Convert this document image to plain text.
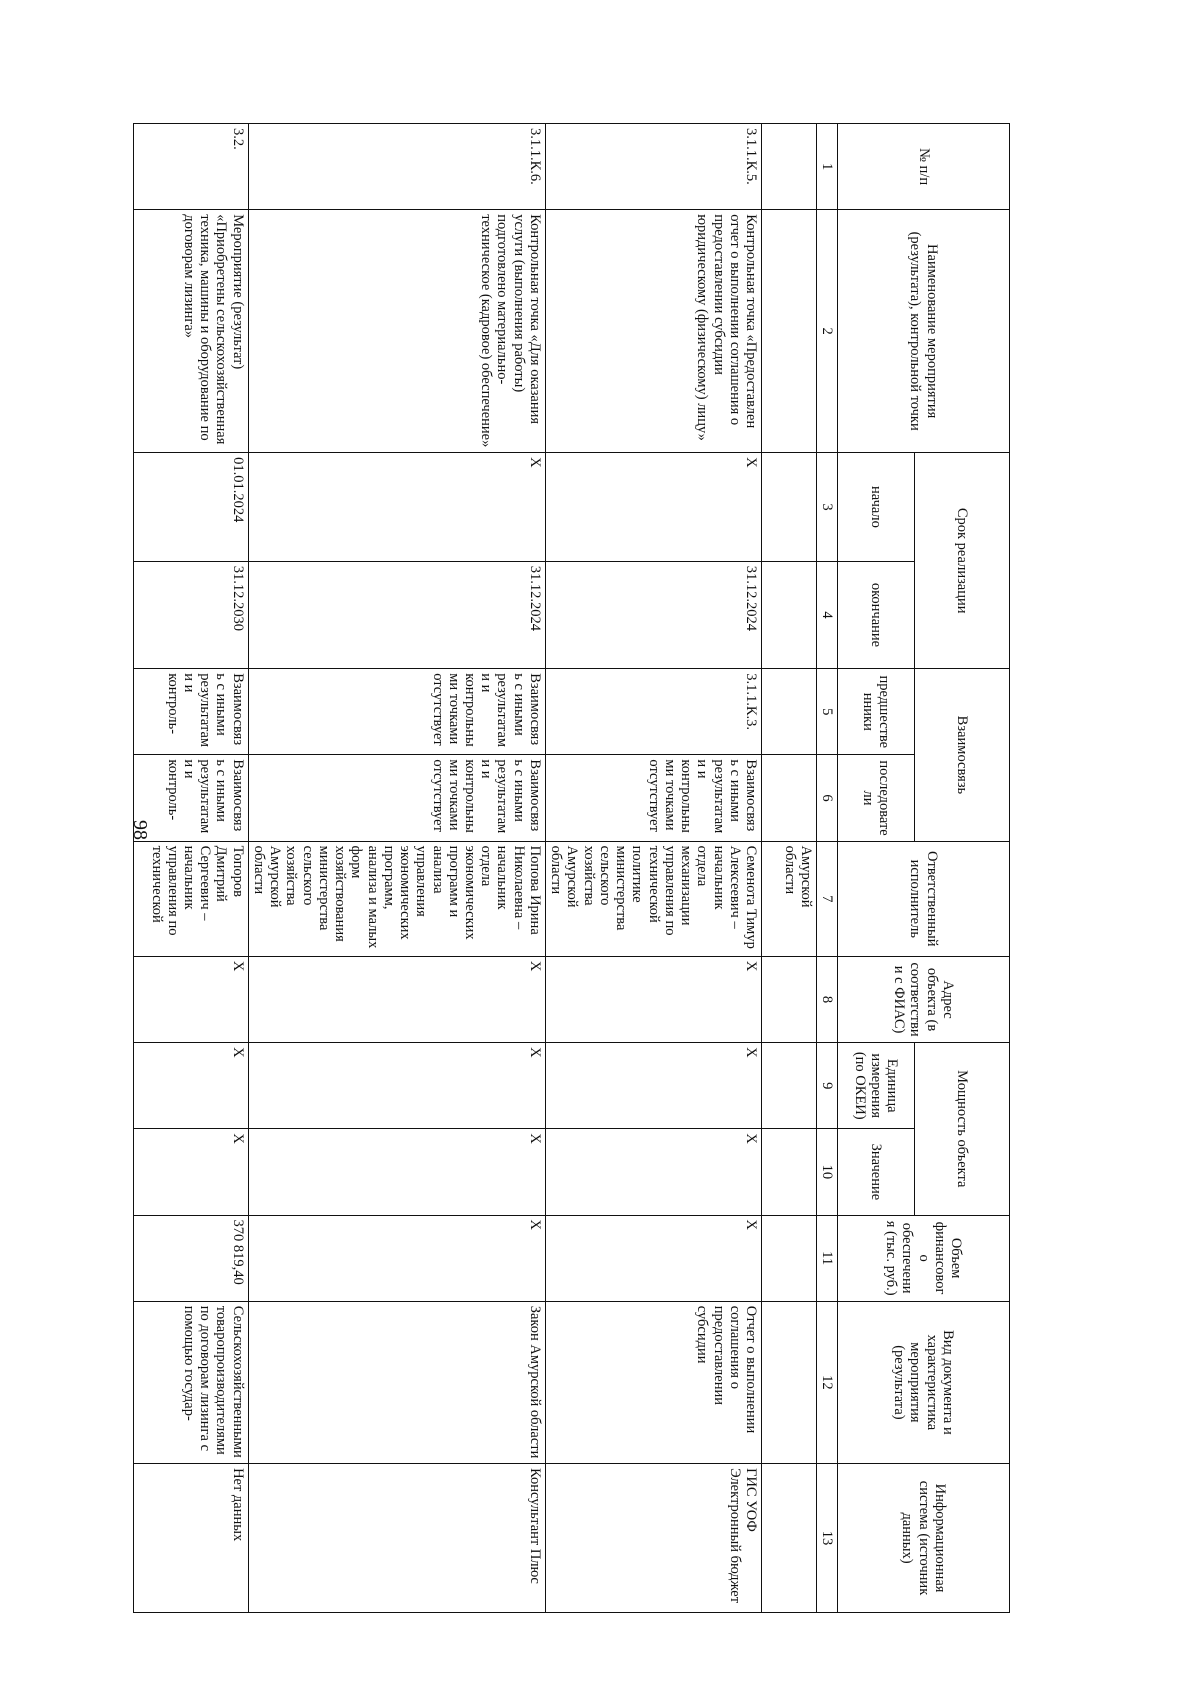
98
№ п/п	Наименование мероприятия (результата), контрольной точки	Срок реализации		Взаимосвязь		Ответственный исполнитель	Адрес объекта (в соответствии с ФИАС)	Мощность объекта		Объем финансового обеспечения (тыс. руб.)	Вид документа и характеристика мероприятия (результата)	Информационная система (источник данных)
		начало	окончание	предшественники	последователи			Единица измерения (по ОКЕИ)	Значение			
1	2	3	4	5	6	7	8	9	10	11	12	13
						Амурской области						
3.1.1.К.5.	Контрольная точка «Предоставлен отчет о выполнении соглашения о предоставлении субсидии юридическому (физическому) лицу»	X	31.12.2024	3.1.1.К.3.	Взаимосвязь с иными результатами и контрольными точками отсутствует	Семенота Тимур Алексеевич – начальник отдела механизации управления по технической политике министерства сельского хозяйства Амурской области	X	X	X	X	Отчет о выполнении соглашения о предоставлении субсидии	ГИС УОФ Электронный бюджет
3.1.1.К.6.	Контрольная точка «Для оказания услуги (выполнения работы) подготовлено материально-техническое (кадровое) обеспечение»	X	31.12.2024	Взаимосвязь с иными результатами и контрольными точками отсутствует	Взаимосвязь с иными результатами и контрольными точками отсутствует	Попова Ирина Николаевна – начальник отдела экономических программ и анализа управления экономических программ, анализа и малых форм хозяйствования министерства сельского хозяйства Амурской области	X	X	X	X	Закон Амурской области	Консультант Плюс
3.2.	Мероприятие (результат) «Приобретены сельскохозяйственная техника, машины и оборудование по договорам лизинга»	01.01.2024	31.12.2030	Взаимосвязь с иными результатами и контроль-	Взаимосвязь с иными результатами и контроль-	Топоров Дмитрий Сергеевич – начальник управления по технической	X	X	X	370 819,40	Сельскохозяйственными товаропроизводителями по договорам лизинга с помощью государ-	Нет данных
